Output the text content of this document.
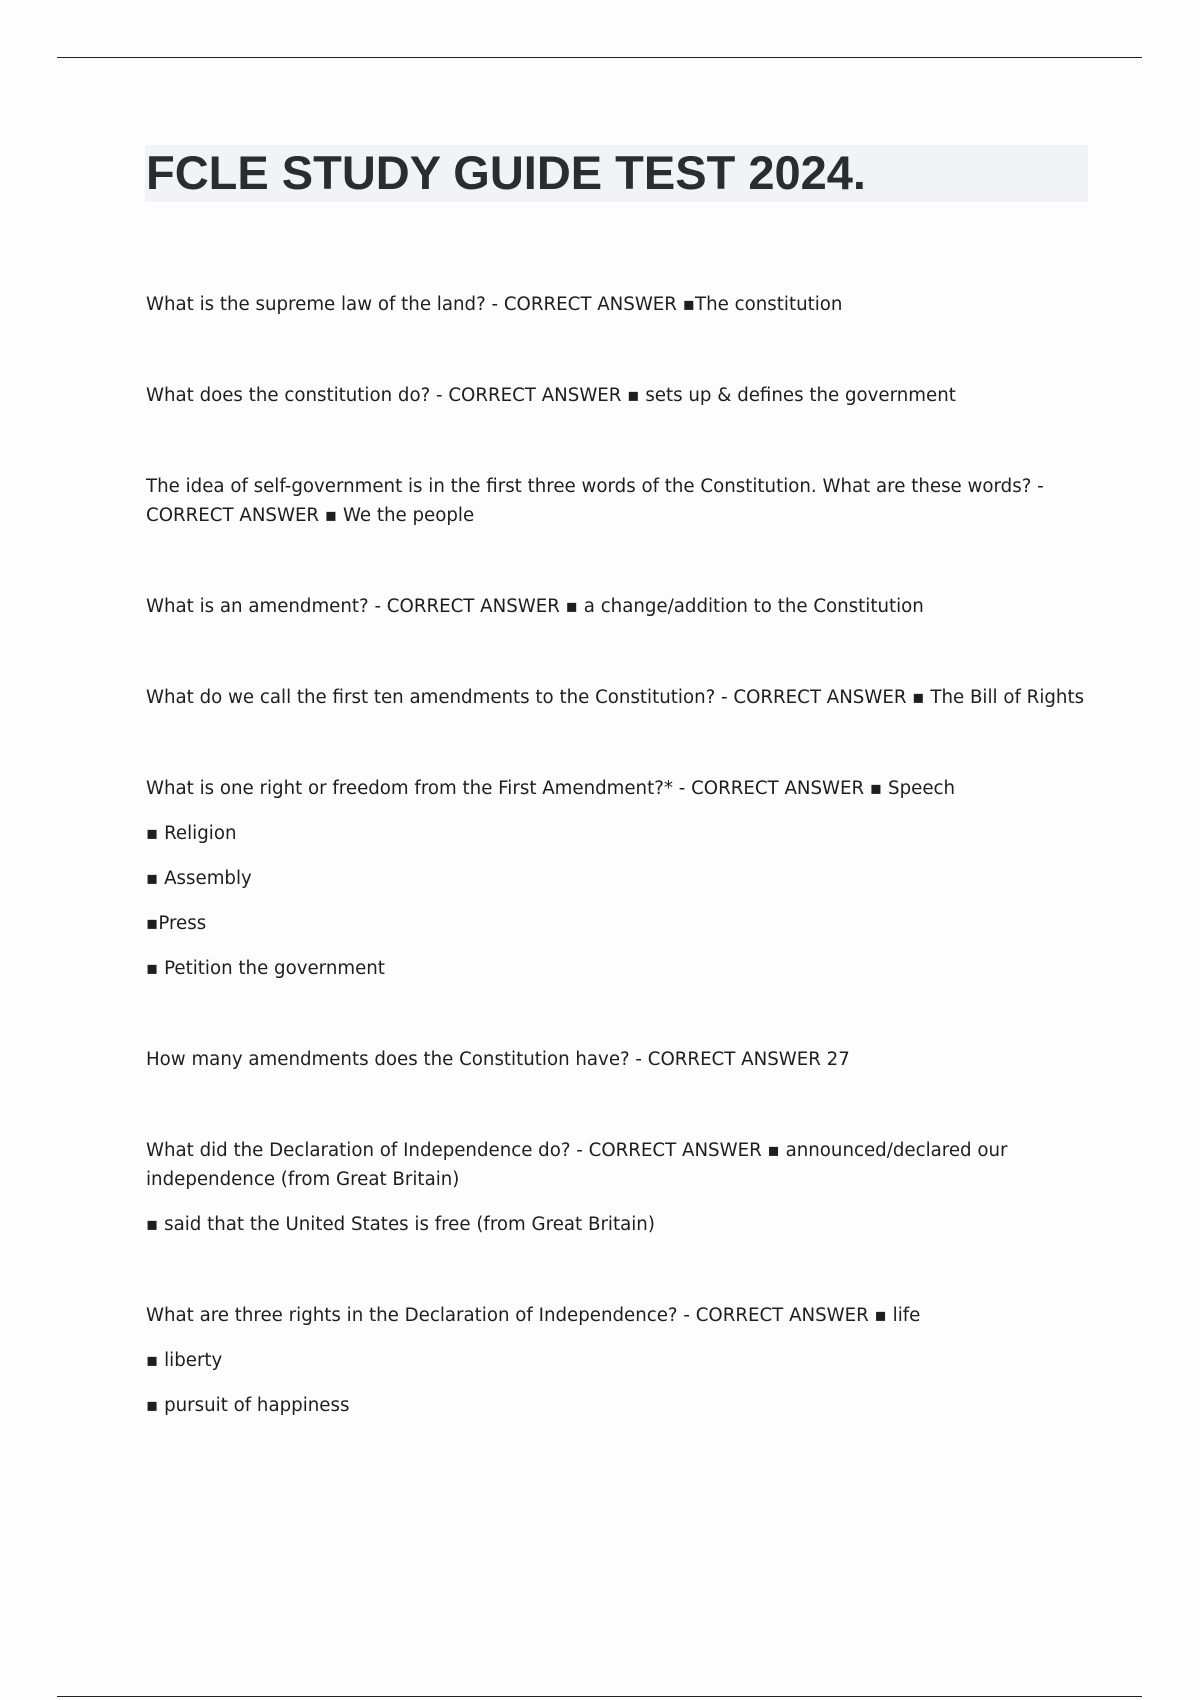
FCLE STUDY GUIDE TEST 2024.

What is the supreme law of the land? - CORRECT ANSWER ▪The constitution

What does the constitution do? - CORRECT ANSWER ▪ sets up & defines the government

The idea of self-government is in the first three words of the Constitution. What are these words? - CORRECT ANSWER ▪ We the people

What is an amendment? - CORRECT ANSWER ▪ a change/addition to the Constitution

What do we call the first ten amendments to the Constitution? - CORRECT ANSWER ▪ The Bill of Rights

What is one right or freedom from the First Amendment?* - CORRECT ANSWER ▪ Speech

▪ Religion

▪ Assembly

▪Press

▪ Petition the government

How many amendments does the Constitution have? - CORRECT ANSWER 27

What did the Declaration of Independence do? - CORRECT ANSWER ▪ announced/declared our independence (from Great Britain)

▪ said that the United States is free (from Great Britain)

What are three rights in the Declaration of Independence? - CORRECT ANSWER ▪ life

▪ liberty

▪ pursuit of happiness
